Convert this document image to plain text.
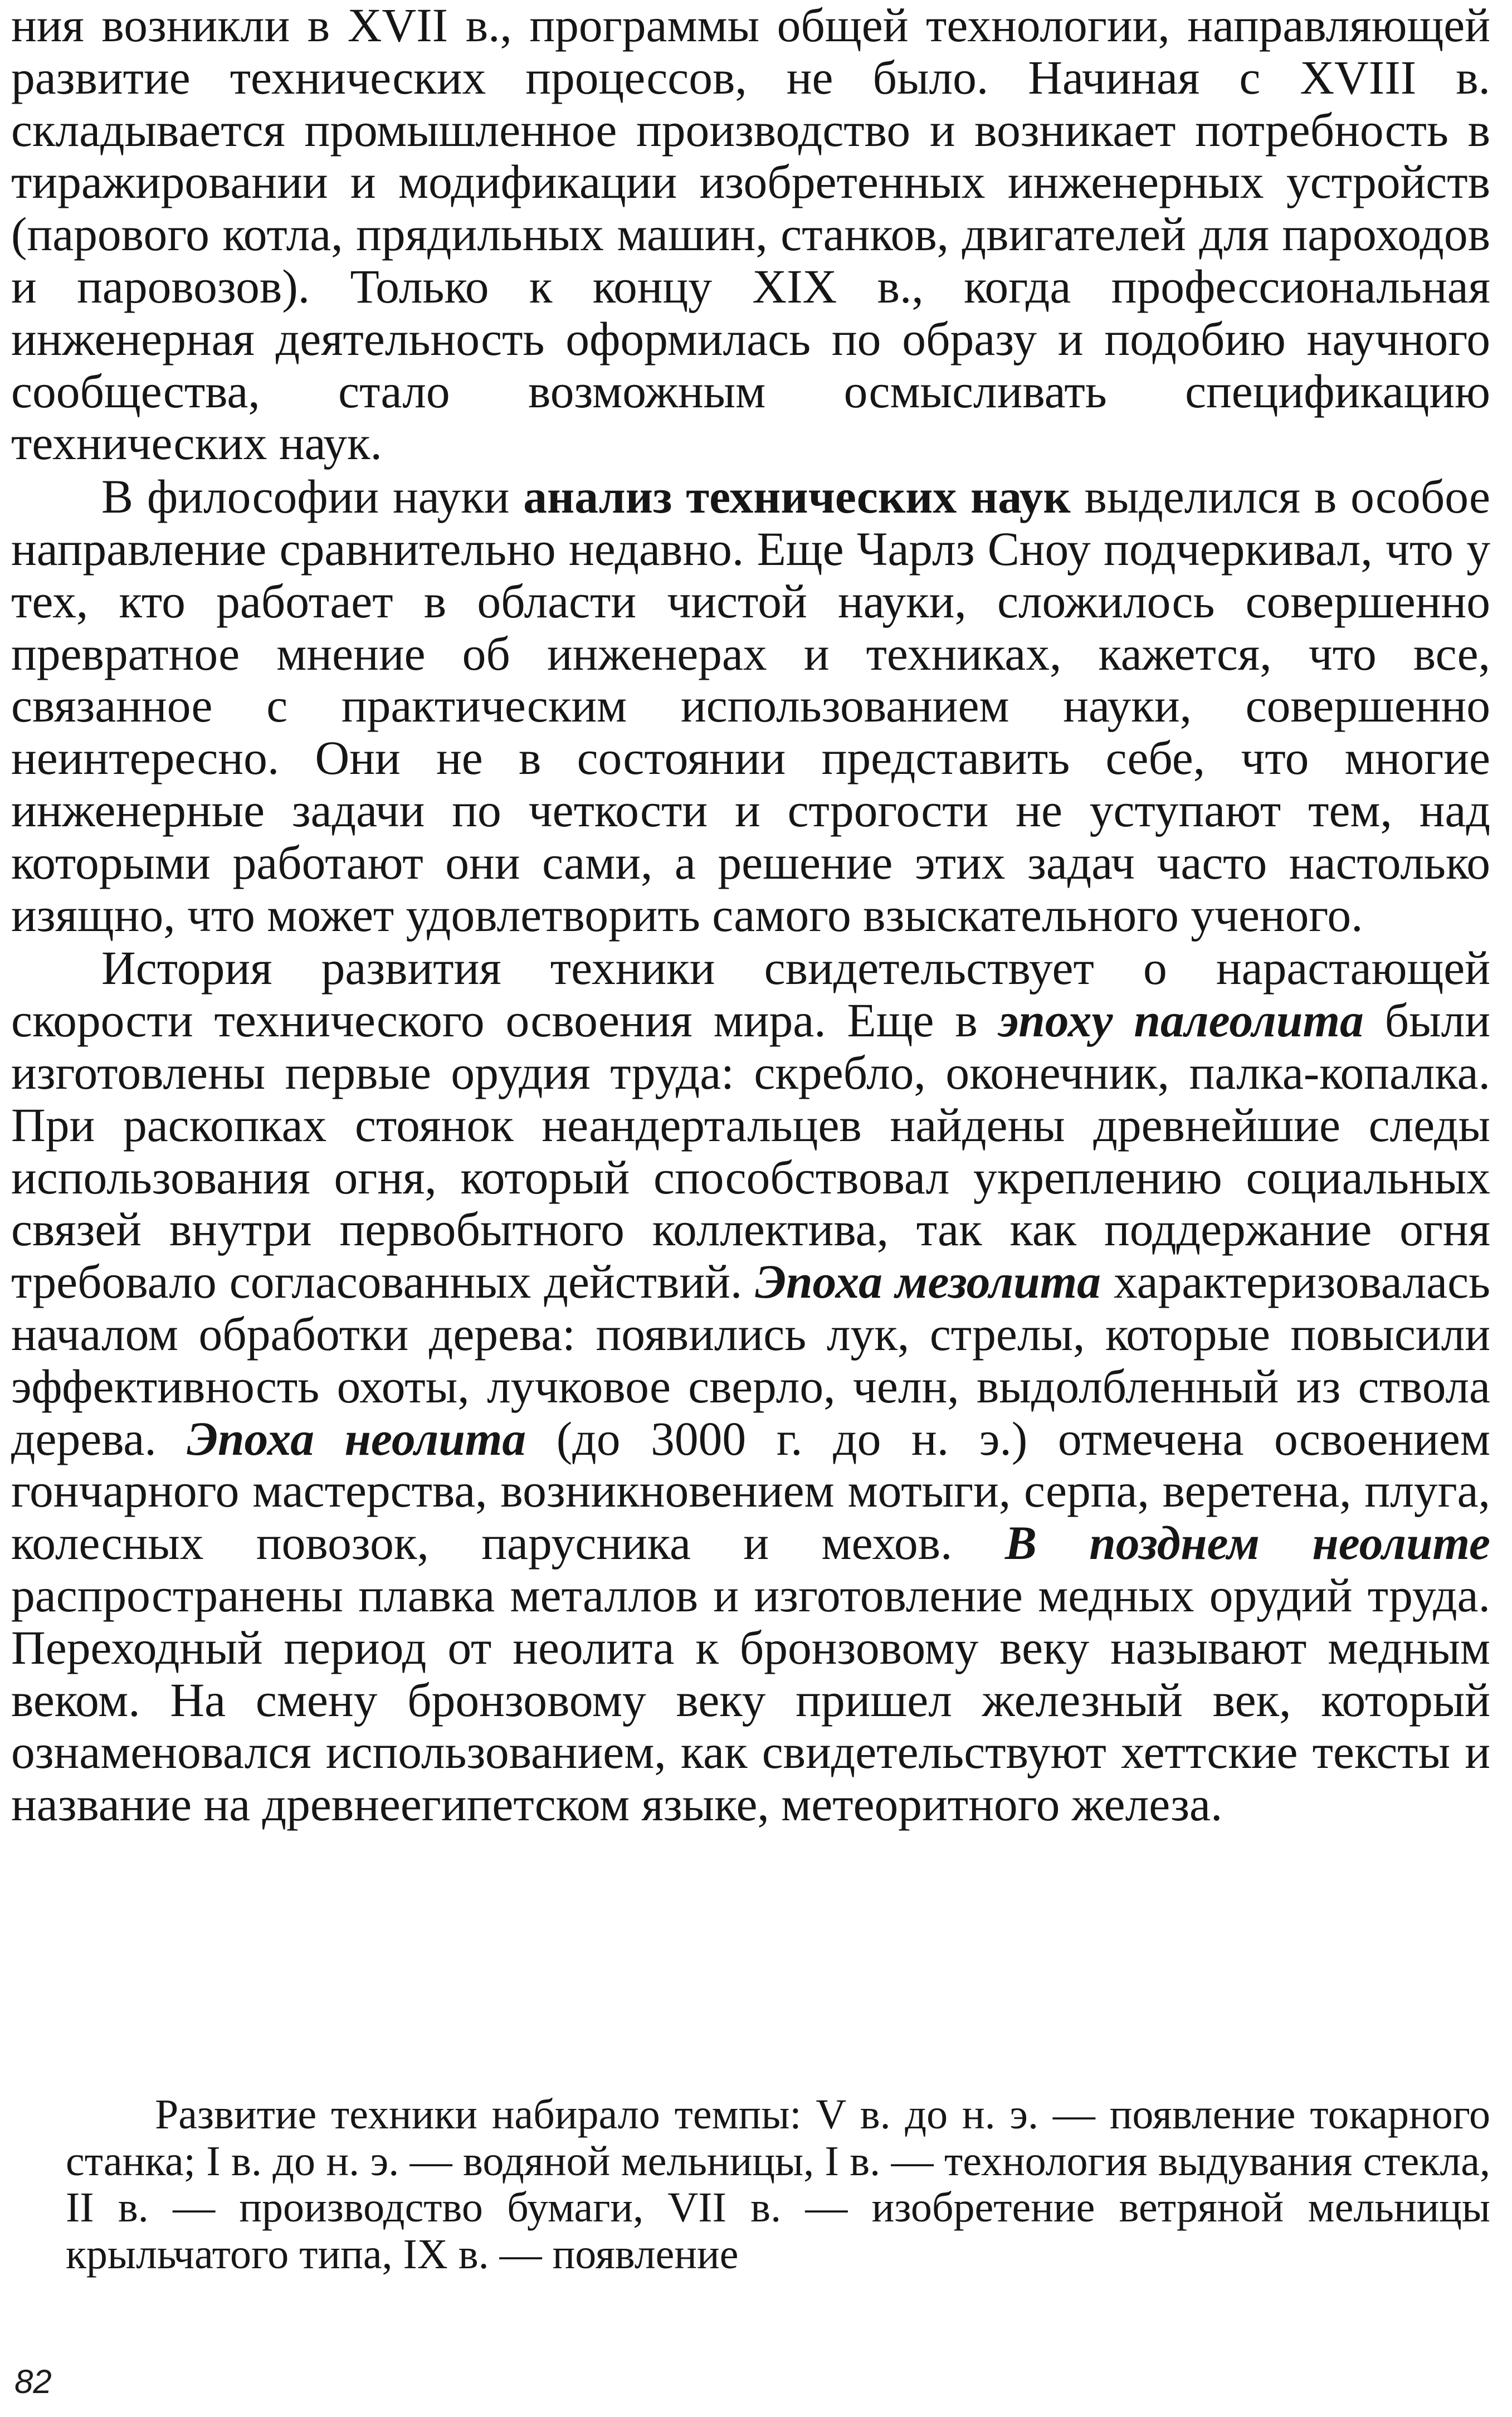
ния возникли в XVII в., программы общей технологии, направляющей развитие технических процессов, не было. Начиная с XVIII в. складывается промышленное производство и возникает потребность в тиражировании и модификации изобретенных инженерных устройств (парового котла, прядильных машин, станков, двигателей для пароходов и паровозов). Только к концу XIX в., когда профессиональная инженерная деятельность оформилась по образу и подобию научного сообщества, стало возможным осмысливать спецификацию технических наук.

В философии науки анализ технических наук выделился в особое направление сравнительно недавно. Еще Чарлз Сноу подчеркивал, что у тех, кто работает в области чистой науки, сложилось совершенно превратное мнение об инженерах и техниках, кажется, что все, связанное с практическим использованием науки, совершенно неинтересно. Они не в состоянии представить себе, что многие инженерные задачи по четкости и строгости не уступают тем, над которыми работают они сами, а решение этих задач часто настолько изящно, что может удовлетворить самого взыскательного ученого.

История развития техники свидетельствует о нарастающей скорости технического освоения мира. Еще в эпоху палеолита были изготовлены первые орудия труда: скребло, оконечник, палка-копалка. При раскопках стоянок неандертальцев найдены древнейшие следы использования огня, который способствовал укреплению социальных связей внутри первобытного коллектива, так как поддержание огня требовало согласованных действий. Эпоха мезолита характеризовалась началом обработки дерева: появились лук, стрелы, которые повысили эффективность охоты, лучковое сверло, челн, выдолбленный из ствола дерева. Эпоха неолита (до 3000 г. до н. э.) отмечена освоением гончарного мастерства, возникновением мотыги, серпа, веретена, плуга, колесных повозок, парусника и мехов. В позднем неолите распространены плавка металлов и изготовление медных орудий труда. Переходный период от неолита к бронзовому веку называют медным веком. На смену бронзовому веку пришел железный век, который ознаменовался использованием, как свидетельствуют хеттские тексты и название на древнеегипетском языке, метеоритного железа.

Развитие техники набирало темпы: V в. до н. э. — появление токарного станка; I в. до н. э. — водяной мельницы, I в. — технология выдувания стекла, II в. — производство бумаги, VII в. — изобретение ветряной мельницы крыльчатого типа, IX в. — появление
82
